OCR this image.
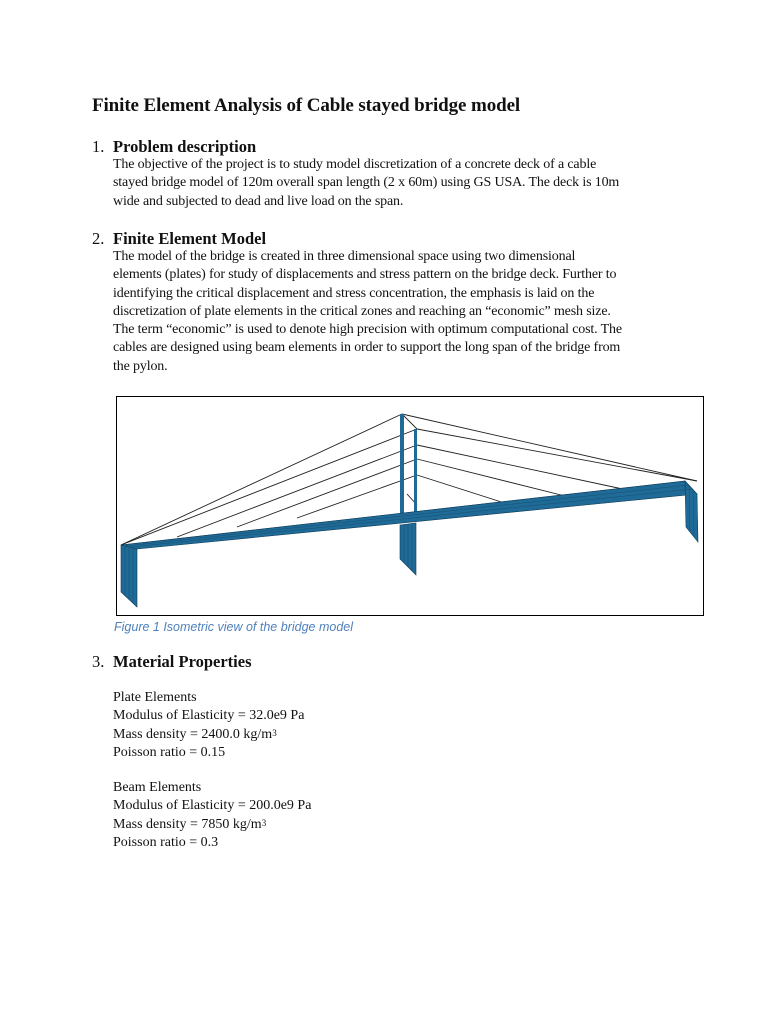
Finite Element Analysis of Cable stayed bridge model
1. Problem description

The objective of the project is to study model discretization of a concrete deck of a cable
stayed bridge model of 120m overall span length (2 x 60m) using GS USA. The deck is 10m
wide and subjected to dead and live load on the span.

2. Finite Element Model

The model of the bridge is created in three dimensional space using two dimensional
elements (plates) for study of displacements and stress pattern on the bridge deck. Further to
identifying the critical displacement and stress concentration, the emphasis is laid on the
discretization of plate elements in the critical zones and reaching an “economic” mesh size.
The term “economic” is used to denote high precision with optimum computational cost. The
cables are designed using beam elements in order to support the long span of the bridge from
the pylon.

Figure 1 Isometric view of the bridge model

3. Material Properties
Plate Elements
Modulus of Elasticity = 32.0e9 Pa
Mass density = 2400.0 $kg/m^3$
Poisson ratio = 0.15
Beam Elements
Modulus of Elasticity = 200.0e9 Pa
Mass density = 7850 $kg/m^3$
Poisson ratio = 0.3
